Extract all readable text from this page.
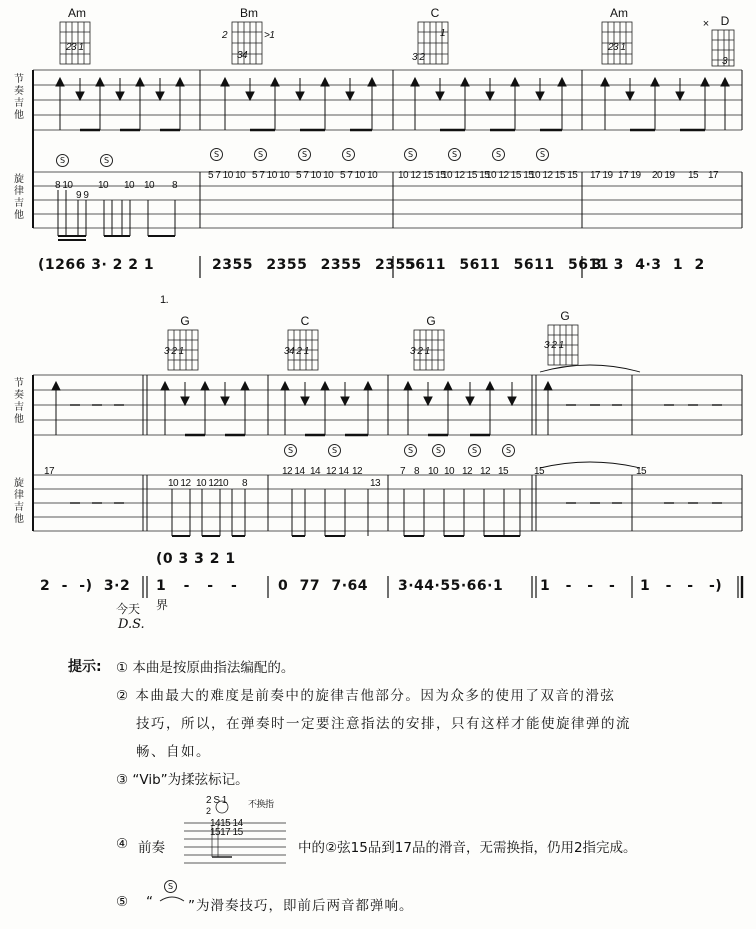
节
奏
吉
他
旋
律
吉
他
Am	Bm	C	Am
× D
23 1
34
2	>1
3 2
1
23 1
3
S	S
S	S	S	S	S	S	S	S
8 10
9 9
10 10 10 8
5 7 10 10 5 7 10 10 5 7 10 10 5 7 10 10 10 12 15 15
10 12 15 15
10 12 15 15
10 12 15 15 17 19 17 19 20 19 15 17
(1266 3· 2 2 1	2355 2355 2355 2355
5611 5611 5611 5611
3 3 4·3 1 2
1.
节
奏
吉
他
旋
律
吉
他
G	C	G	G
3 2 1	34 2 1	3 2 1
3 2 1
S	S	S	S	S	S
17
10 12 10 12 10 8
12 14 14 12 14 12
13
7 8 10 10 12 12 15	15	15
(0 3 3 2 1
2 - -) 3·2 1 - - -	0 77 7·64 3·44·55·66·1	1 - - - 1 - - -)
今天 界
D.S.
提示: ① 本曲是按原曲指法编配的。
② 本曲最大的难度是前奏中的旋律吉他部分。因为众多的使用了双音的滑弦
技巧，所以，在弹奏时一定要注意指法的安排，只有这样才能使旋律弹的流
畅、自如。
③ “Vib”为揉弦标记。
④ 前奏
2 S 1
2
不换指
1415 14
1517 15
中的②弦15品到17品的滑音，无需换指，仍用2指完成。
⑤ “
S
”为滑奏技巧，即前后两音都弹响。
